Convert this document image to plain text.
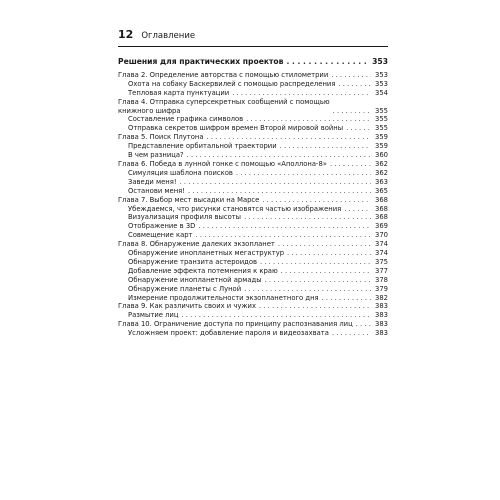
12 Оглавление
Решения для практических проектов . . .	353
Глава 2. Определение авторства с помощью стилометрии . . .	353
Охота на собаку Баскервилей с помощью распределения . . .	353
Тепловая карта пунктуации . . .	354
Глава 4. Отправка суперсекретных сообщений с помощью
книжного шифра . . .	355
Составление графика символов . . .	355
Отправка секретов шифром времен Второй мировой войны . . .	355
Глава 5. Поиск Плутона . . .	359
Представление орбитальной траектории . . .	359
В чем разница? . . .	360
Глава 6. Победа в лунной гонке с помощью «Аполлона-8» . . .	362
Симуляция шаблона поисков . . .	362
Заведи меня! . . .	363
Останови меня! . . .	365
Глава 7. Выбор мест высадки на Марсе . . .	368
Убеждаемся, что рисунки становятся частью изображения . . .	368
Визуализация профиля высоты . . .	368
Отображение в 3D . . .	369
Совмещение карт . . .	370
Глава 8. Обнаружение далеких экзопланет . . .	374
Обнаружение инопланетных мегаструктур . . .	374
Обнаружение транзита астероидов . . .	375
Добавление эффекта потемнения к краю . . .	377
Обнаружение инопланетной армады . . .	378
Обнаружение планеты с Луной . . .	379
Измерение продолжительности экзопланетного дня . . .	382
Глава 9. Как различить своих и чужих . . .	383
Размытие лиц . . .	383
Глава 10. Ограничение доступа по принципу распознавания лиц . . .	383
Усложняем проект: добавление пароля и видеозахвата . . .	383
